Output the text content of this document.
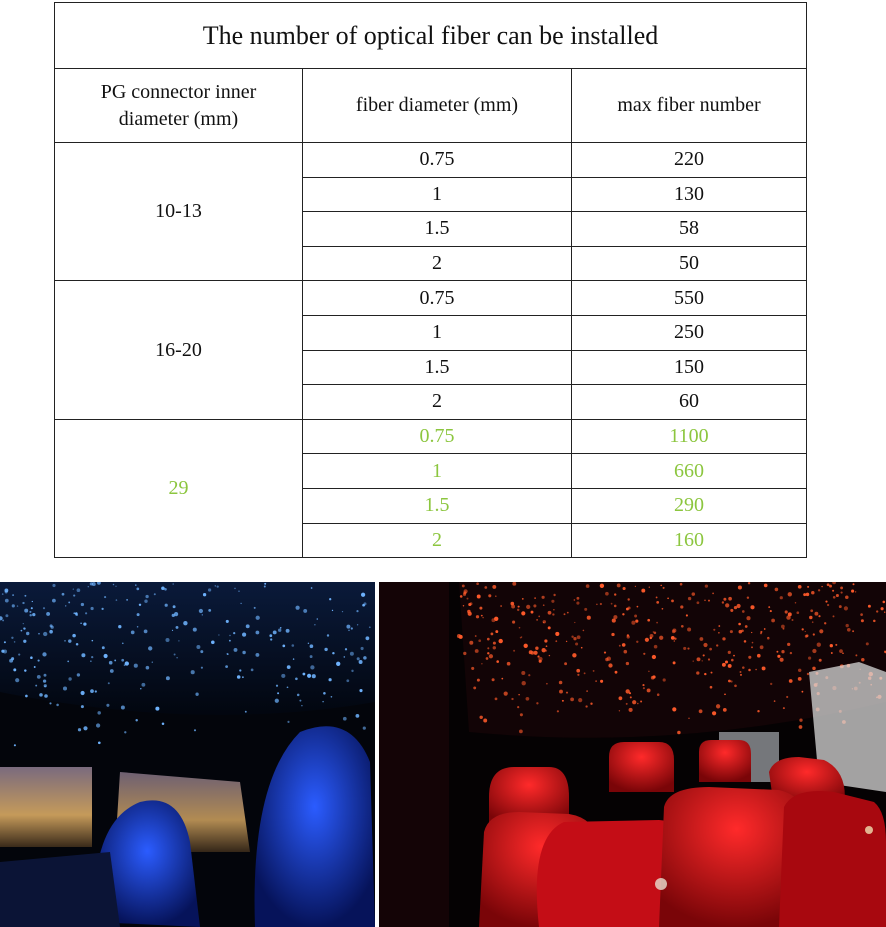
The number of optical fiber can be installed		
PG connector inner diameter (mm)	fiber diameter (mm)	max fiber number
10-13	0.75	220
	1	130
	1.5	58
	2	50
16-20	0.75	550
	1	250
	1.5	150
	2	60
29	0.75	1100
	1	660
	1.5	290
	2	160
